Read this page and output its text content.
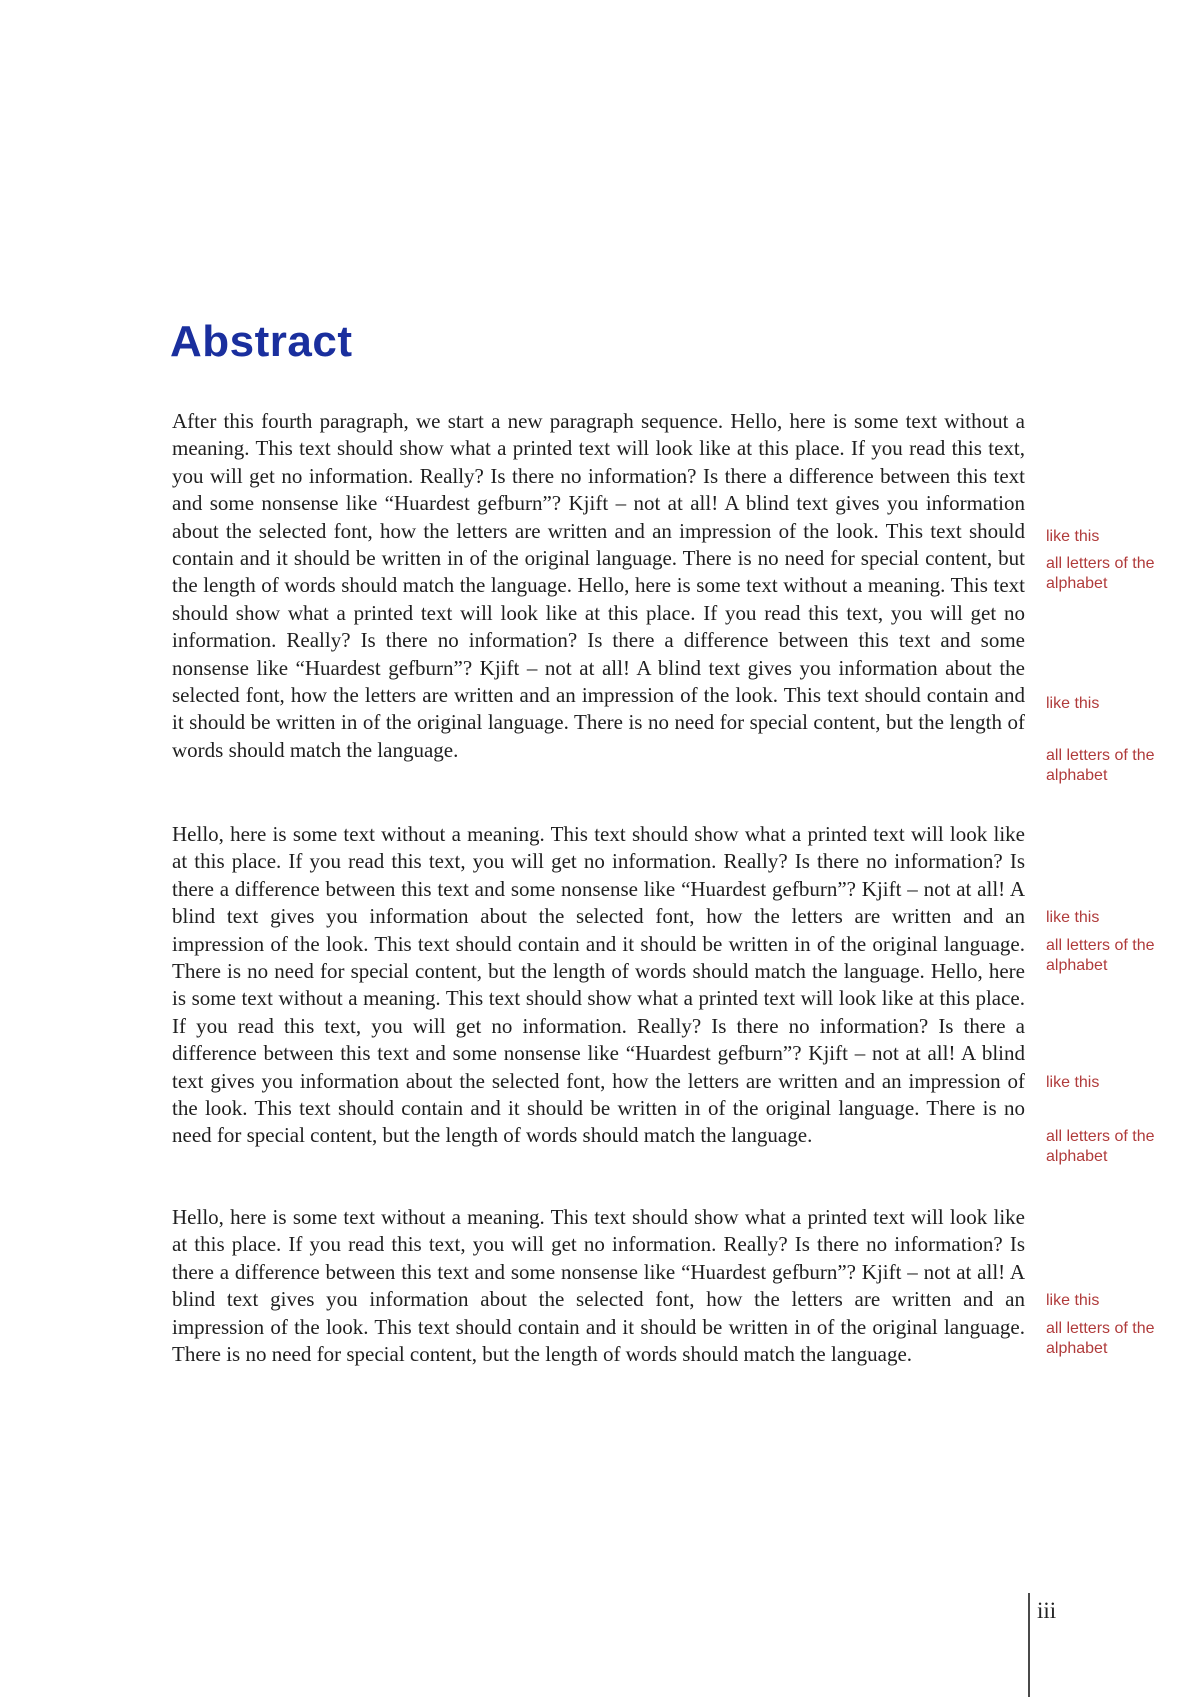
Abstract
After this fourth paragraph, we start a new paragraph sequence. Hello, here is some text without a meaning. This text should show what a printed text will look like at this place. If you read this text, you will get no information. Really? Is there no information? Is there a difference between this text and some nonsense like “Huardest gefburn”? Kjift – not at all! A blind text gives you information about the selected font, how the letters are written and an impression of the look. This text should contain and it should be written in of the original language. There is no need for special content, but the length of words should match the language. Hello, here is some text without a meaning. This text should show what a printed text will look like at this place. If you read this text, you will get no information. Really? Is there no information? Is there a difference between this text and some nonsense like “Huardest gefburn”? Kjift – not at all! A blind text gives you information about the selected font, how the letters are written and an impression of the look. This text should contain and it should be written in of the original language. There is no need for special content, but the length of words should match the language.
Hello, here is some text without a meaning. This text should show what a printed text will look like at this place. If you read this text, you will get no information. Really? Is there no information? Is there a difference between this text and some nonsense like “Huardest gefburn”? Kjift – not at all! A blind text gives you information about the selected font, how the letters are written and an impression of the look. This text should contain and it should be written in of the original language. There is no need for special content, but the length of words should match the language. Hello, here is some text without a meaning. This text should show what a printed text will look like at this place. If you read this text, you will get no information. Really? Is there no information? Is there a difference between this text and some nonsense like “Huardest gefburn”? Kjift – not at all! A blind text gives you information about the selected font, how the letters are written and an impression of the look. This text should contain and it should be written in of the original language. There is no need for special content, but the length of words should match the language.
Hello, here is some text without a meaning. This text should show what a printed text will look like at this place. If you read this text, you will get no information. Really? Is there no information? Is there a difference between this text and some nonsense like “Huardest gefburn”? Kjift – not at all! A blind text gives you information about the selected font, how the letters are written and an impression of the look. This text should contain and it should be written in of the original language. There is no need for special content, but the length of words should match the language.
like this
all letters of the alphabet
like this
all letters of the alphabet
like this
all letters of the alphabet
like this
all letters of the alphabet
like this
all letters of the alphabet
iii
